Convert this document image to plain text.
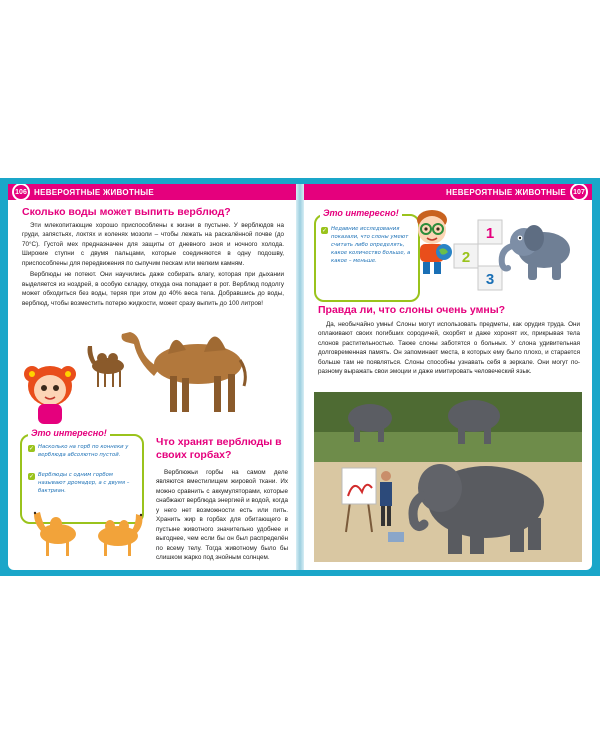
НЕВЕРОЯТНЫЕ ЖИВОТНЫЕ
106
Сколько воды может выпить верблюд?

Эти млекопитающие хорошо приспособлены к жизни в пустыне. У верблюдов на груди, запястьях, локтях и коленях мозоли – чтобы лежать на раскалённой почве (до 70°С). Густой мех предназначен для защиты от дневного зноя и ночного холода. Широкие ступни с двумя пальцами, которые соединяются в одну подошву, приспособлены для передвижения по сыпучим пескам или мелким камням.

Верблюды не потеют. Они научились даже собирать влагу, которая при дыхании выделяется из ноздрей, в особую складку, откуда она попадает в рот. Верблюд подолгу может обходиться без воды, теряя при этом до 40% веса тела. Добравшись до воды, верблюд, чтобы возместить потерю жидкости, может сразу выпить до 100 литров!

Это интересно!
✓ Насколько на горб по коннеки у верблюда абсолютно пустой.
✓ Верблюды с одним горбом называют дромадер, а с двумя – бактриан.
Что хранят верблюды в своих горбах?

Верблюжьи горбы на самом деле являются вместилищем жировой ткани. Их можно сравнить с аккумуляторами, которые снабжают верблюда энергией и водой, когда у него нет возможности есть или пить. Хранить жир в горбах для обитающего в пустыне животного значительно удобнее и выгоднее, чем если бы он был распределён по всему телу. Тогда животному было бы слишком жарко под знойным солнцем.

НЕВЕРОЯТНЫЕ ЖИВОТНЫЕ	107
Это интересно!
✓ Недавние исследования показали, что слоны умеют считать либо определять, какое количество больше, а какое – меньше.
1
2
3
Правда ли, что слоны очень умны?

Да, необычайно умны! Слоны могут использовать предметы, как орудия труда. Они оплакивают своих погибших сородичей, скорбят и даже хоронят их, прикрывая тела слонов растительностью. Также слоны заботятся о больных. У слона удивительная долговременная память. Он запоминает места, в которых ему было плохо, и старается больше там не появляться. Слоны способны узнавать себя в зеркале. Они могут по-разному выражать свои эмоции и даже имитировать человеческий язык.
